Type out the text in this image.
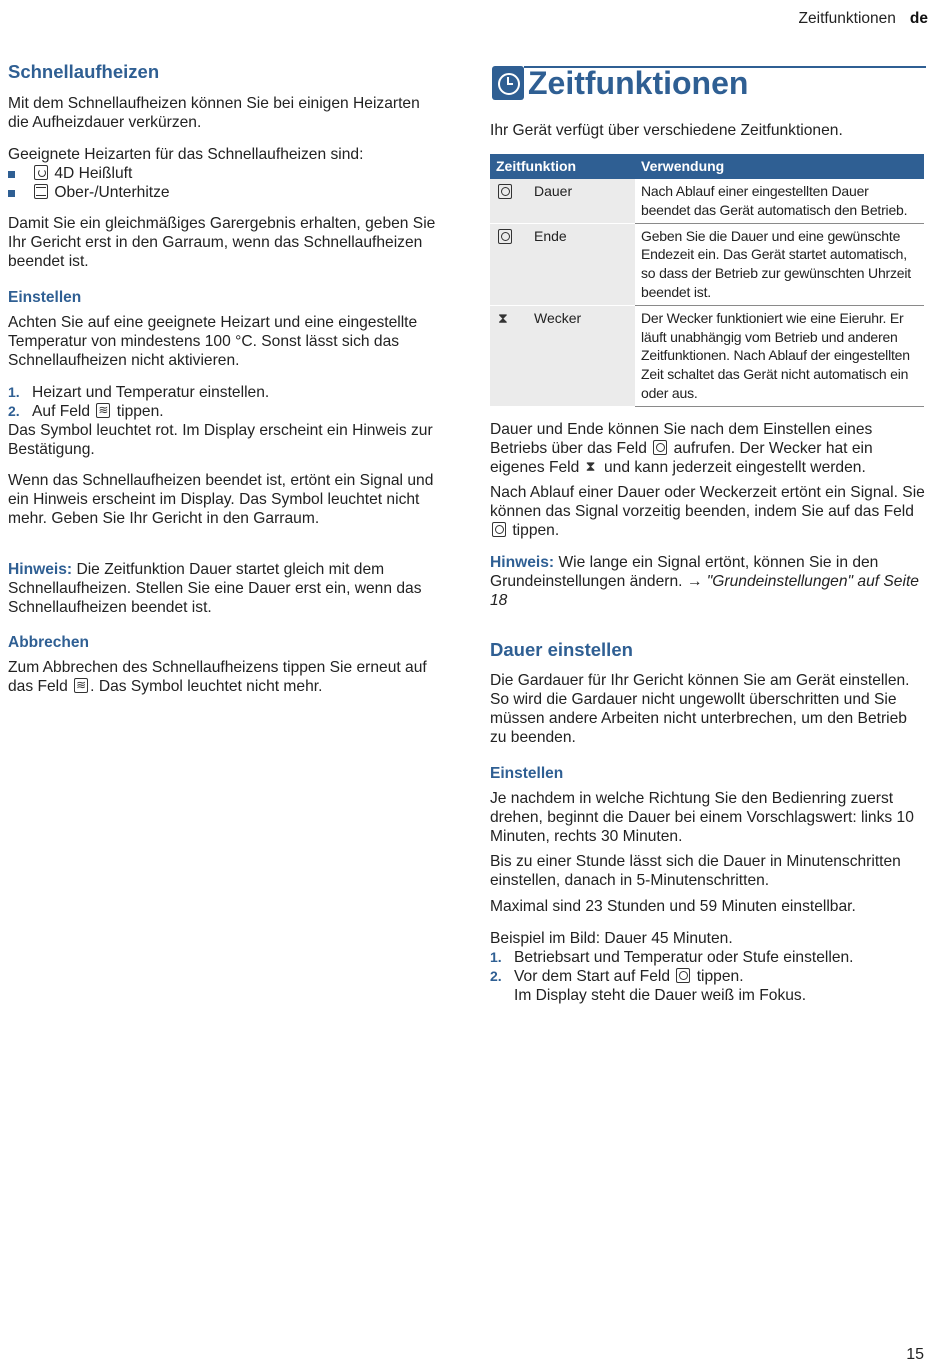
Zeitfunktionen de
Schnellaufheizen

Mit dem Schnellaufheizen können Sie bei einigen Heizarten die Aufheizdauer verkürzen.

Geeignete Heizarten für das Schnellaufheizen sind:

4D Heißluft
Ober-/Unterhitze

Damit Sie ein gleichmäßiges Garergebnis erhalten, geben Sie Ihr Gericht erst in den Garraum, wenn das Schnellaufheizen beendet ist.

Einstellen

Achten Sie auf eine geeignete Heizart und eine eingestellte Temperatur von mindestens 100 °C. Sonst lässt sich das Schnellaufheizen nicht aktivieren.

1. Heizart und Temperatur einstellen.
2. Auf Feld ≋ tippen.

Das Symbol leuchtet rot. Im Display erscheint ein Hinweis zur Bestätigung.

Wenn das Schnellaufheizen beendet ist, ertönt ein Signal und ein Hinweis erscheint im Display. Das Symbol leuchtet nicht mehr. Geben Sie Ihr Gericht in den Garraum.

Hinweis: Die Zeitfunktion Dauer startet gleich mit dem Schnellaufheizen. Stellen Sie eine Dauer erst ein, wenn das Schnellaufheizen beendet ist.

Abbrechen

Zum Abbrechen des Schnellaufheizens tippen Sie erneut auf das Feld ≋ . Das Symbol leuchtet nicht mehr.

Zeitfunktionen

Ihr Gerät verfügt über verschiedene Zeitfunktionen.

Zeitfunktion	Verwendung

Dauer	Nach Ablauf einer eingestellten Dauer beendet das Gerät automatisch den Betrieb.

Ende	Geben Sie die Dauer und eine gewünschte Endezeit ein. Das Gerät startet automatisch, so dass der Betrieb zur gewünschten Uhrzeit beendet ist.

⧗
Wecker	Der Wecker funktioniert wie eine Eieruhr. Er läuft unabhängig vom Betrieb und anderen Zeitfunktionen. Nach Ablauf der eingestellten Zeit schaltet das Gerät nicht automatisch ein oder aus.

Dauer und Ende können Sie nach dem Einstellen eines Betriebs über das Feld aufrufen. Der Wecker hat ein eigenes Feld ⧗ und kann jederzeit eingestellt werden.

Nach Ablauf einer Dauer oder Weckerzeit ertönt ein Signal. Sie können das Signal vorzeitig beenden, indem Sie auf das Feld  tippen.

Hinweis: Wie lange ein Signal ertönt, können Sie in den Grundeinstellungen ändern. → "Grundeinstellungen" auf Seite 18

Dauer einstellen

Die Gardauer für Ihr Gericht können Sie am Gerät einstellen. So wird die Gardauer nicht ungewollt überschritten und Sie müssen andere Arbeiten nicht unterbrechen, um den Betrieb zu beenden.

Einstellen

Je nachdem in welche Richtung Sie den Bedienring zuerst drehen, beginnt die Dauer bei einem Vorschlagswert: links 10 Minuten, rechts 30 Minuten.

Bis zu einer Stunde lässt sich die Dauer in Minutenschritten einstellen, danach in 5-Minutenschritten.

Maximal sind 23 Stunden und 59 Minuten einstellbar.

Beispiel im Bild: Dauer 45 Minuten.

1. Betriebsart und Temperatur oder Stufe einstellen.
2. Vor dem Start auf Feld tippen.

Im Display steht die Dauer weiß im Fokus.

15
